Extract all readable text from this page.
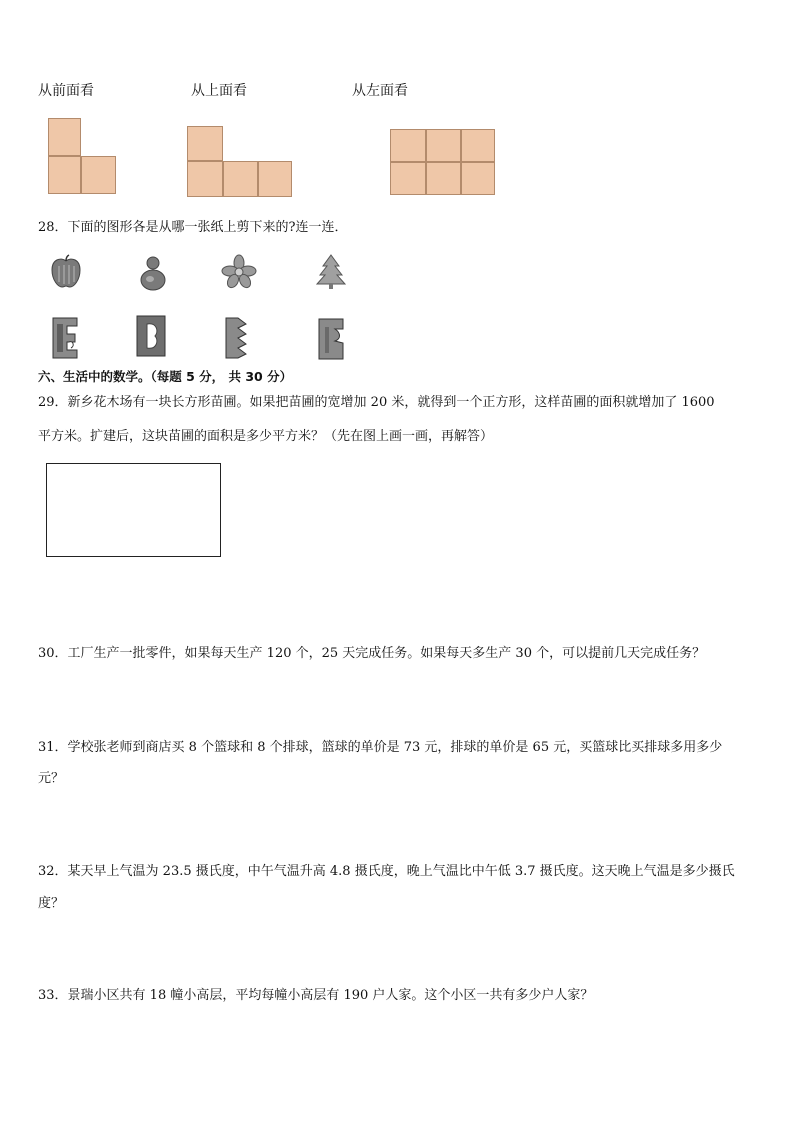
从前面看	从上面看	从左面看
28．下面的图形各是从哪一张纸上剪下来的?连一连．
六、生活中的数学。（每题 5 分， 共 30 分）
29．新乡花木场有一块长方形苗圃。如果把苗圃的宽增加 20 米，就得到一个正方形，这样苗圃的面积就增加了 1600
平方米。扩建后，这块苗圃的面积是多少平方米？（先在图上画一画，再解答）
30．工厂生产一批零件，如果每天生产 120 个，25 天完成任务。如果每天多生产 30 个，可以提前几天完成任务？
31．学校张老师到商店买 8 个篮球和 8 个排球，篮球的单价是 73 元，排球的单价是 65 元，买篮球比买排球多用多少
元？
32．某天早上气温为 23.5 摄氏度，中午气温升高 4.8 摄氏度，晚上气温比中午低 3.7 摄氏度。这天晚上气温是多少摄氏
度？
33．景瑞小区共有 18 幢小高层，平均每幢小高层有 190 户人家。这个小区一共有多少户人家？
